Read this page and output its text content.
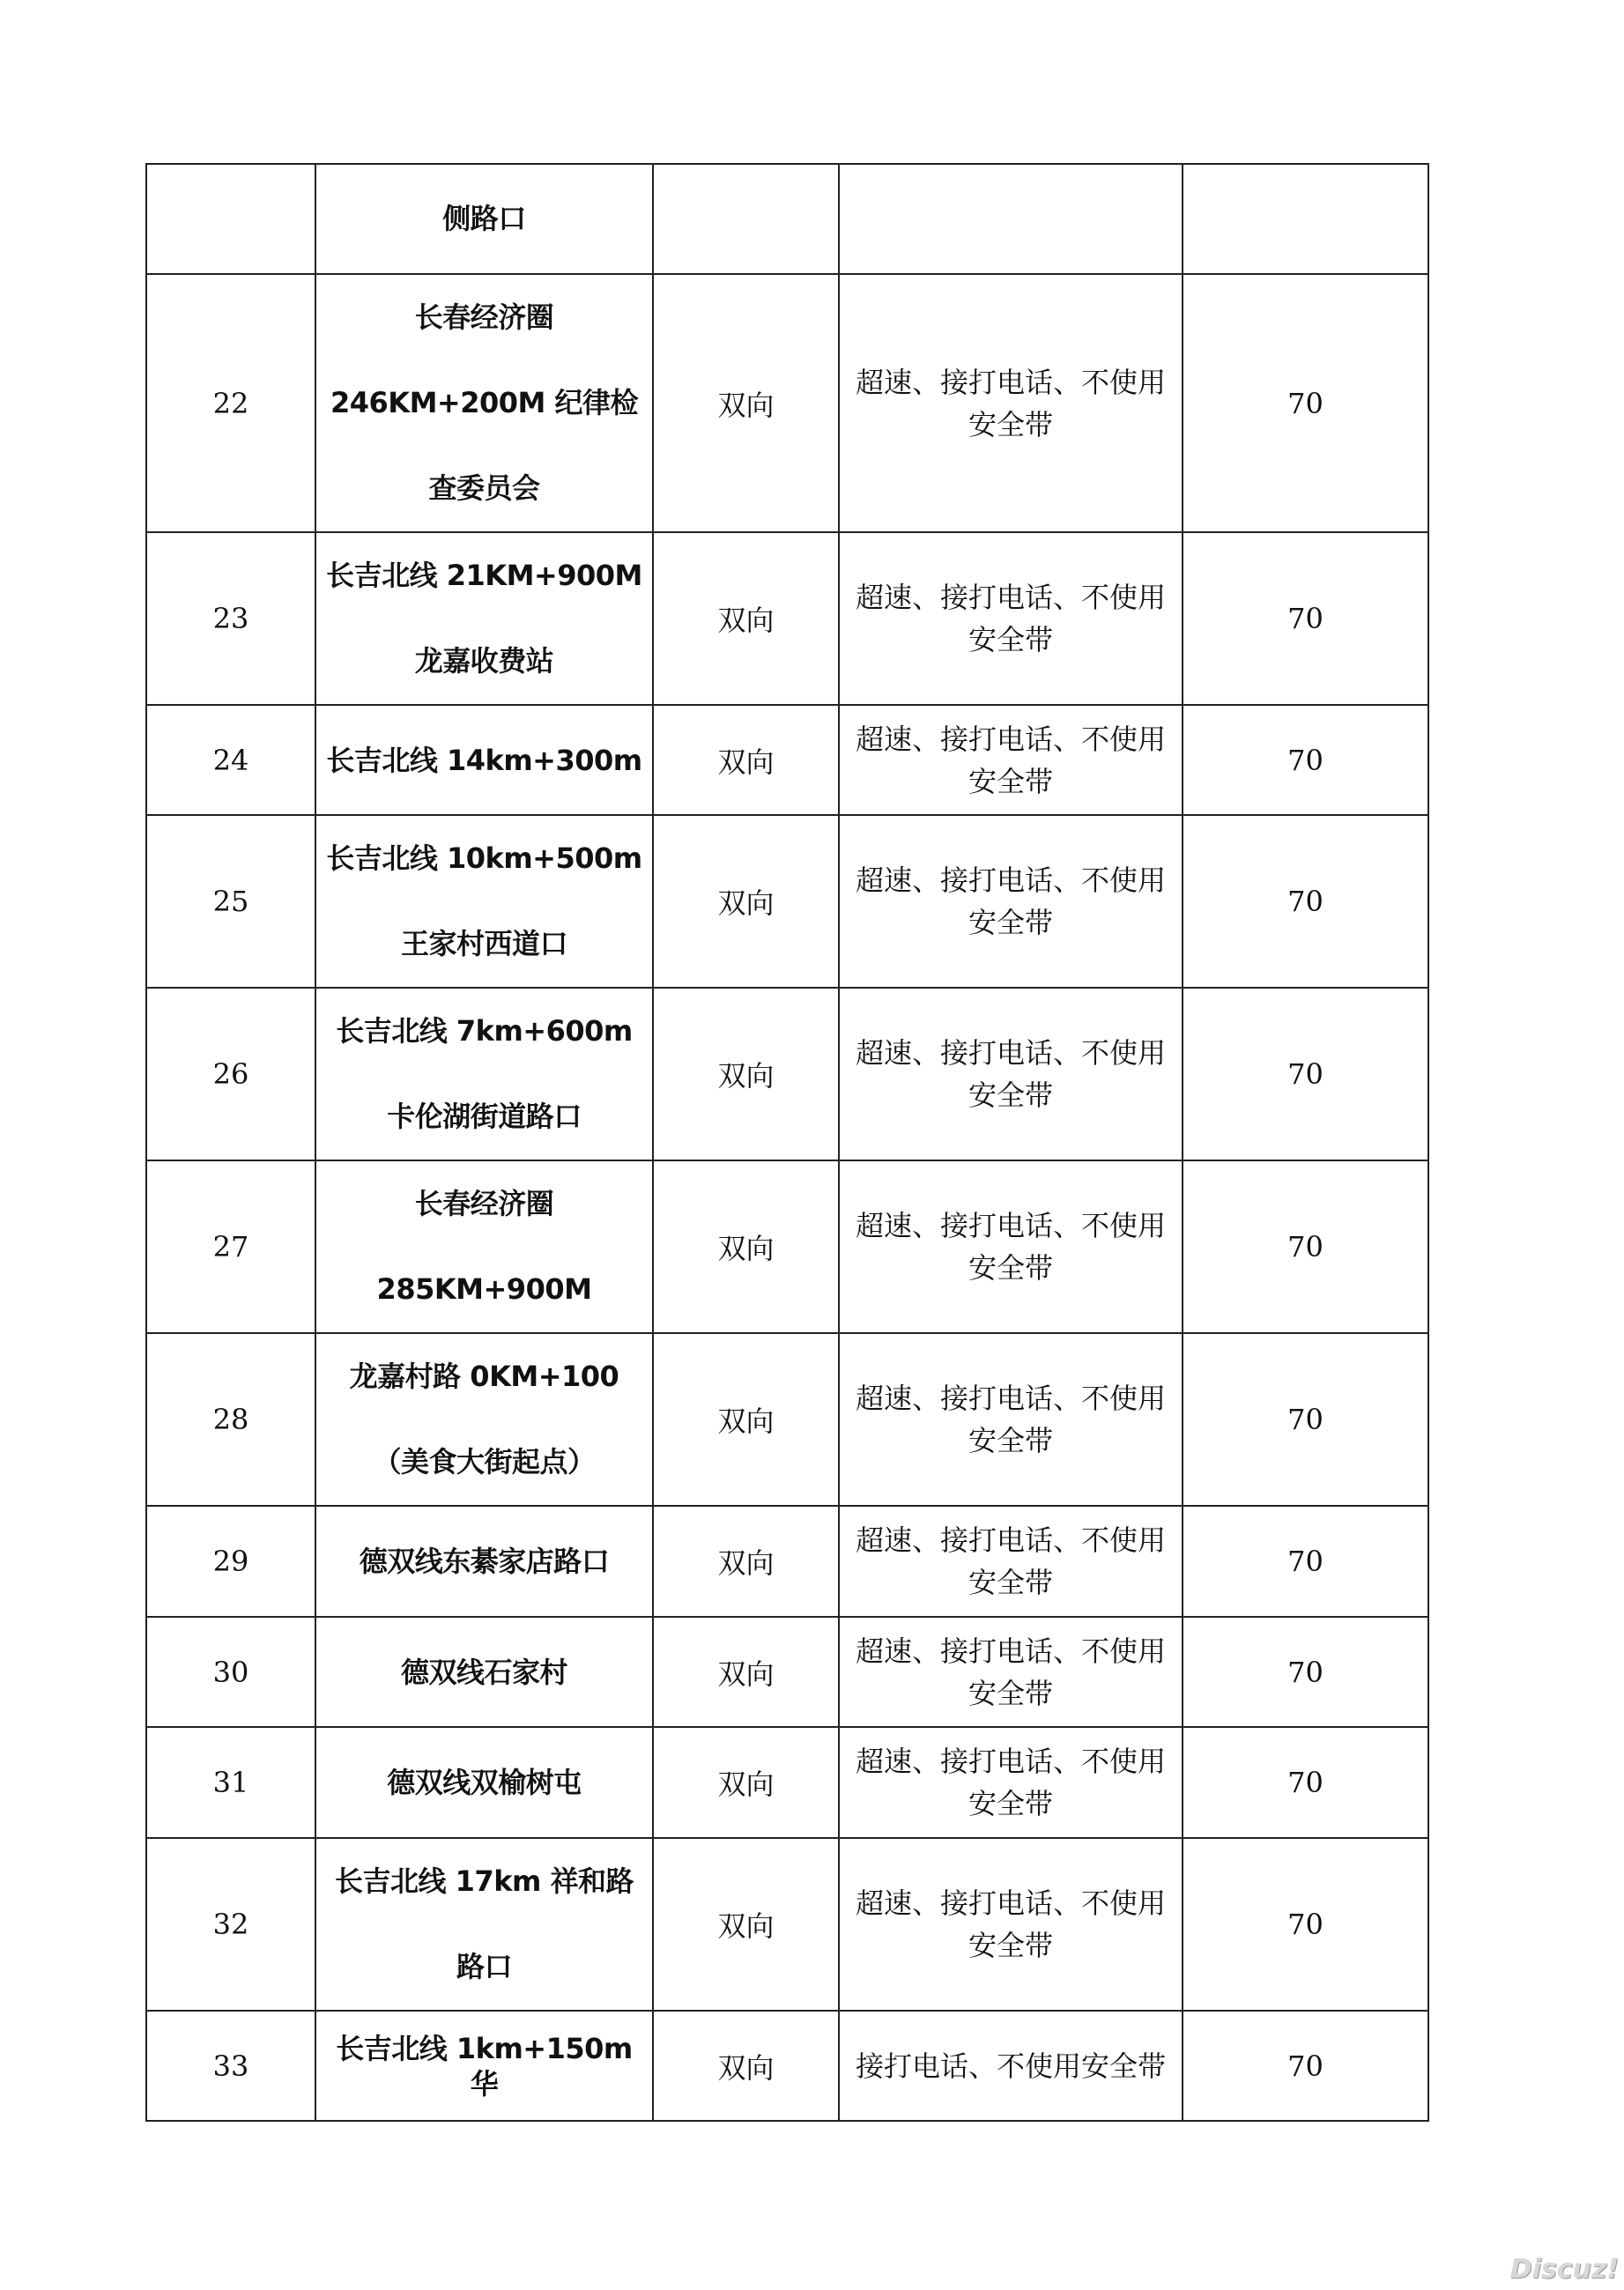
	侧路口			
22	长春经济圈 246KM+200M 纪律检查委员会	双向	超速、接打电话、不使用安全带	70
23	长吉北线 21KM+900M 龙嘉收费站	双向	超速、接打电话、不使用安全带	70
24	长吉北线 14km+300m	双向	超速、接打电话、不使用安全带	70
25	长吉北线 10km+500m 王家村西道口	双向	超速、接打电话、不使用安全带	70
26	长吉北线 7km+600m 卡伦湖街道路口	双向	超速、接打电话、不使用安全带	70
27	长春经济圈 285KM+900M	双向	超速、接打电话、不使用安全带	70
28	龙嘉村路 0KM+100（美食大街起点）	双向	超速、接打电话、不使用安全带	70
29	德双线东綦家店路口	双向	超速、接打电话、不使用安全带	70
30	德双线石家村	双向	超速、接打电话、不使用安全带	70
31	德双线双榆树屯	双向	超速、接打电话、不使用安全带	70
32	长吉北线 17km 祥和路路口	双向	超速、接打电话、不使用安全带	70
33	长吉北线 1km+150m 华	双向	接打电话、不使用安全带	70
Discuz!
